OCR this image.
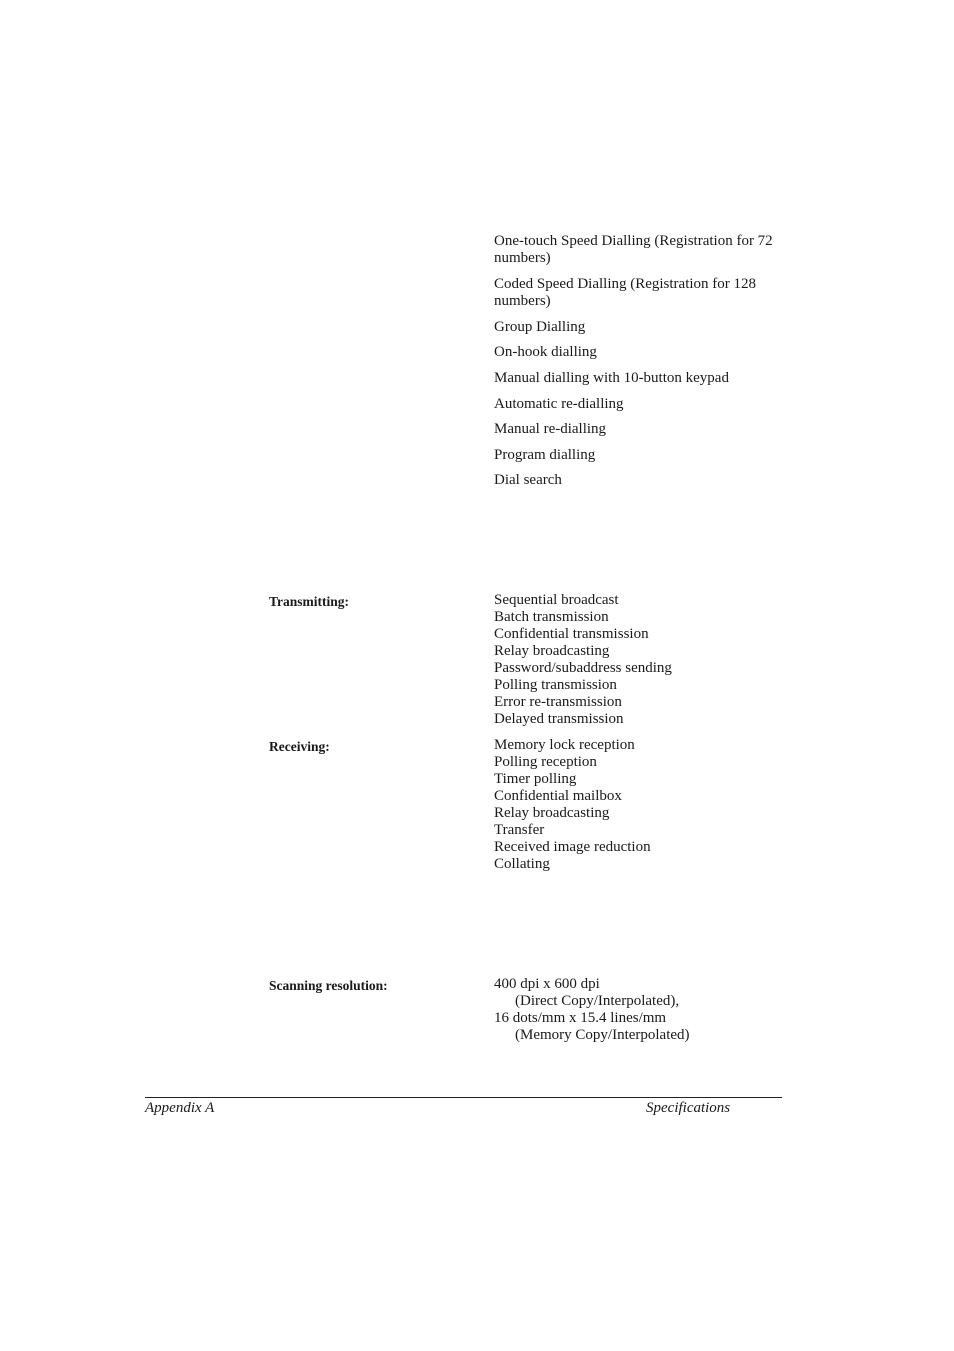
One-touch Speed Dialling (Registration for 72 numbers)
Coded Speed Dialling (Registration for 128 numbers)
Group Dialling
On-hook dialling
Manual dialling with 10-button keypad
Automatic re-dialling
Manual re-dialling
Program dialling
Dial search
Transmitting:	Sequential broadcast
Batch transmission
Confidential transmission
Relay broadcasting
Password/subaddress sending
Polling transmission
Error re-transmission
Delayed transmission
Receiving:	Memory lock reception
Polling reception
Timer polling
Confidential mailbox
Relay broadcasting
Transfer
Received image reduction
Collating
Scanning resolution:	400 dpi x 600 dpi
(Direct Copy/Interpolated),
16 dots/mm x 15.4 lines/mm
(Memory Copy/Interpolated)
Appendix A	Specifications
